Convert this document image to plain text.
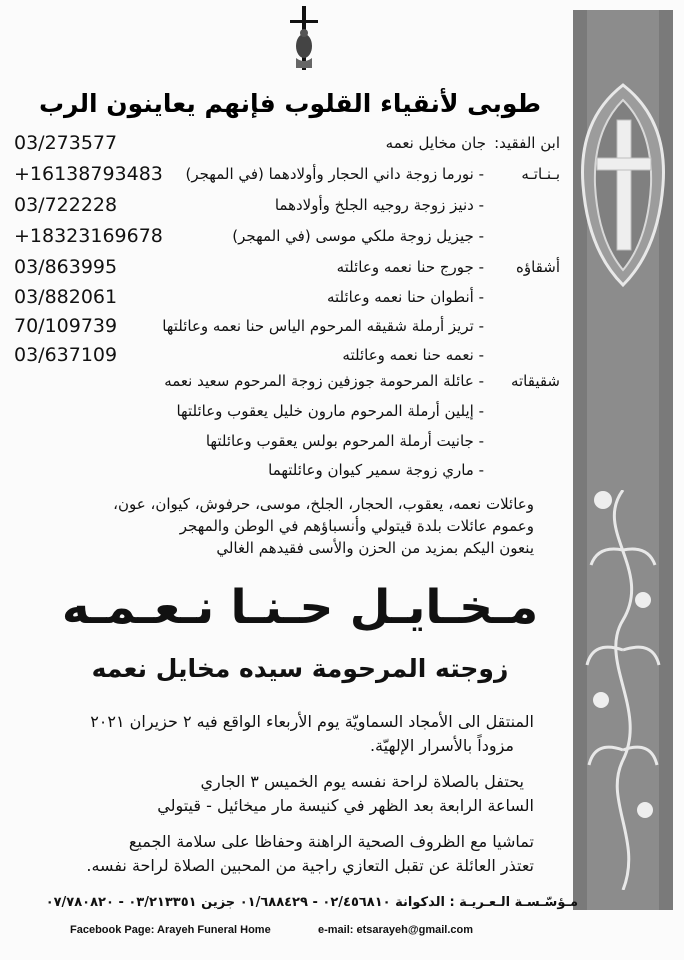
طوبى لأنقياء القلوب فإنهم يعاينون الرب
ابن الفقيد:
جان مخايل نعمه
03/273577
بـنـاتـه
- نورما زوجة داني الحجار وأولادهما (في المهجر)
+16138793483
- دنيز زوجة روجيه الجلخ وأولادهما
03/722228
- جيزيل زوجة ملكي موسى (في المهجر)
+18323169678
أشقاؤه
- جورج حنا نعمه وعائلته
03/863995
- أنطوان حنا نعمه وعائلته
03/882061
- تريز أرملة شقيقه المرحوم الياس حنا نعمه وعائلتها
70/109739
- نعمه حنا نعمه وعائلته
03/637109
شقيقاته
- عائلة المرحومة جوزفين زوجة المرحوم سعيد نعمه
- إيلين أرملة المرحوم مارون خليل يعقوب وعائلتها
- جانيت أرملة المرحوم بولس يعقوب وعائلتها
- ماري زوجة سمير كيوان وعائلتهما
وعائلات نعمه، يعقوب، الحجار، الجلخ، موسى، حرفوش، كيوان، عون،
وعموم عائلات بلدة قيتولي وأنسباؤهم في الوطن والمهجر
ينعون اليكم بمزيد من الحزن والأسى فقيدهم الغالي
مـخـايـل حـنـا نـعـمـه
زوجته المرحومة سيده مخايل نعمه
المنتقل الى الأمجاد السماويّة يوم الأربعاء الواقع فيه ٢ حزيران ٢٠٢١
مزوداً بالأسرار الإلهيّة.
يحتفل بالصلاة لراحة نفسه يوم الخميس ٣ الجاري
الساعة الرابعة بعد الظهر في كنيسة مار ميخائيل - قيتولي
تماشيا مع الظروف الصحية الراهنة وحفاظا على سلامة الجميع
تعتذر العائلة عن تقبل التعازي راجية من المحبين الصلاة لراحة نفسه.
مـؤسّـسـة الـعـريـة : الدكوانة ٠٢/٤٥٦٨١٠ - ٠١/٦٨٨٤٢٩ جزين ٠٣/٢١٣٣٥١ - ٠٧/٧٨٠٨٢٠
Facebook Page: Arayeh Funeral Home	e-mail: etsarayeh@gmail.com
